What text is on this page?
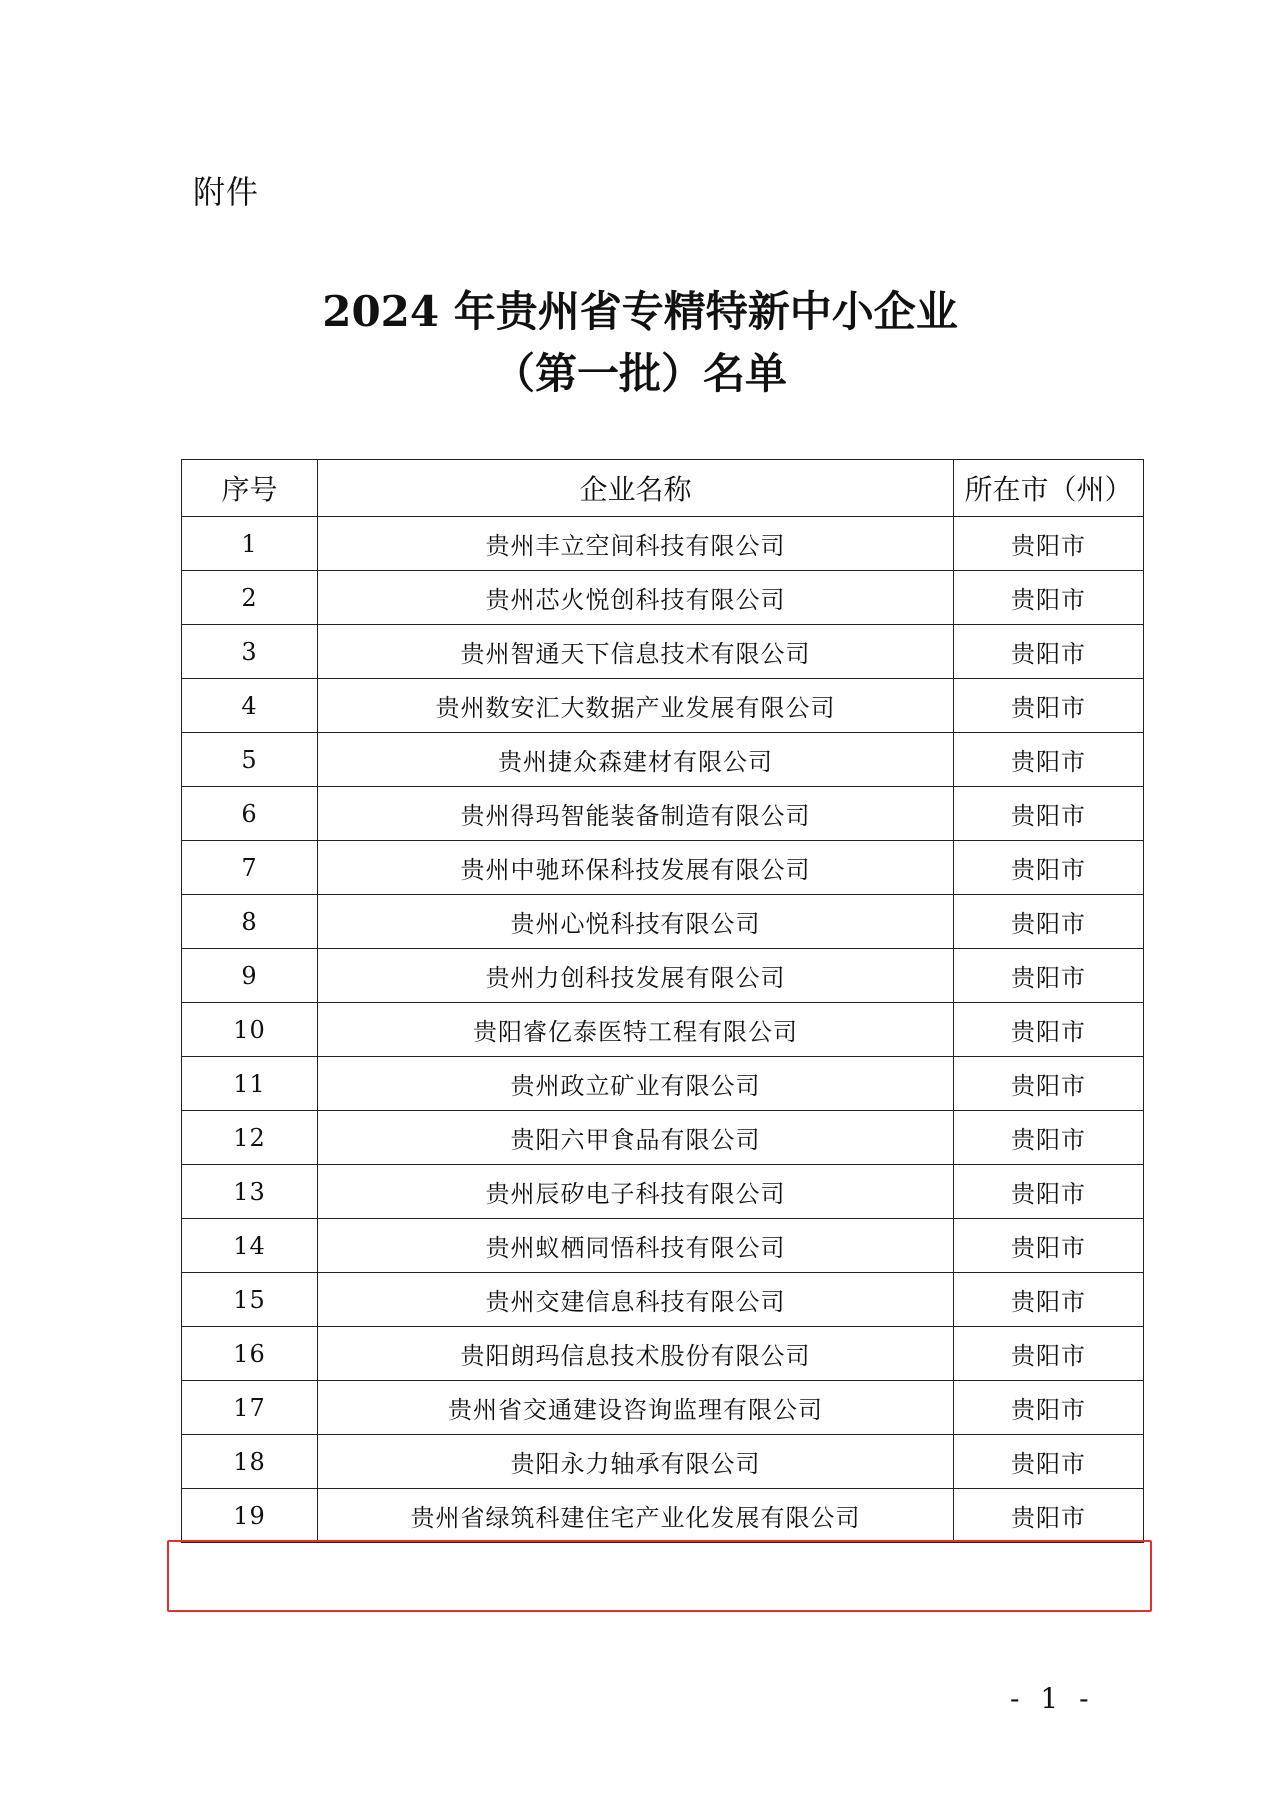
附件
2024 年贵州省专精特新中小企业
（第一批）名单
序号	企业名称	所在市（州）
1	贵州丰立空间科技有限公司	贵阳市
2	贵州芯火悦创科技有限公司	贵阳市
3	贵州智通天下信息技术有限公司	贵阳市
4	贵州数安汇大数据产业发展有限公司	贵阳市
5	贵州捷众森建材有限公司	贵阳市
6	贵州得玛智能装备制造有限公司	贵阳市
7	贵州中驰环保科技发展有限公司	贵阳市
8	贵州心悦科技有限公司	贵阳市
9	贵州力创科技发展有限公司	贵阳市
10	贵阳睿亿泰医特工程有限公司	贵阳市
11	贵州政立矿业有限公司	贵阳市
12	贵阳六甲食品有限公司	贵阳市
13	贵州辰矽电子科技有限公司	贵阳市
14	贵州蚁栖同悟科技有限公司	贵阳市
15	贵州交建信息科技有限公司	贵阳市
16	贵阳朗玛信息技术股份有限公司	贵阳市
17	贵州省交通建设咨询监理有限公司	贵阳市
18	贵阳永力轴承有限公司	贵阳市
19	贵州省绿筑科建住宅产业化发展有限公司	贵阳市
- 1 -
